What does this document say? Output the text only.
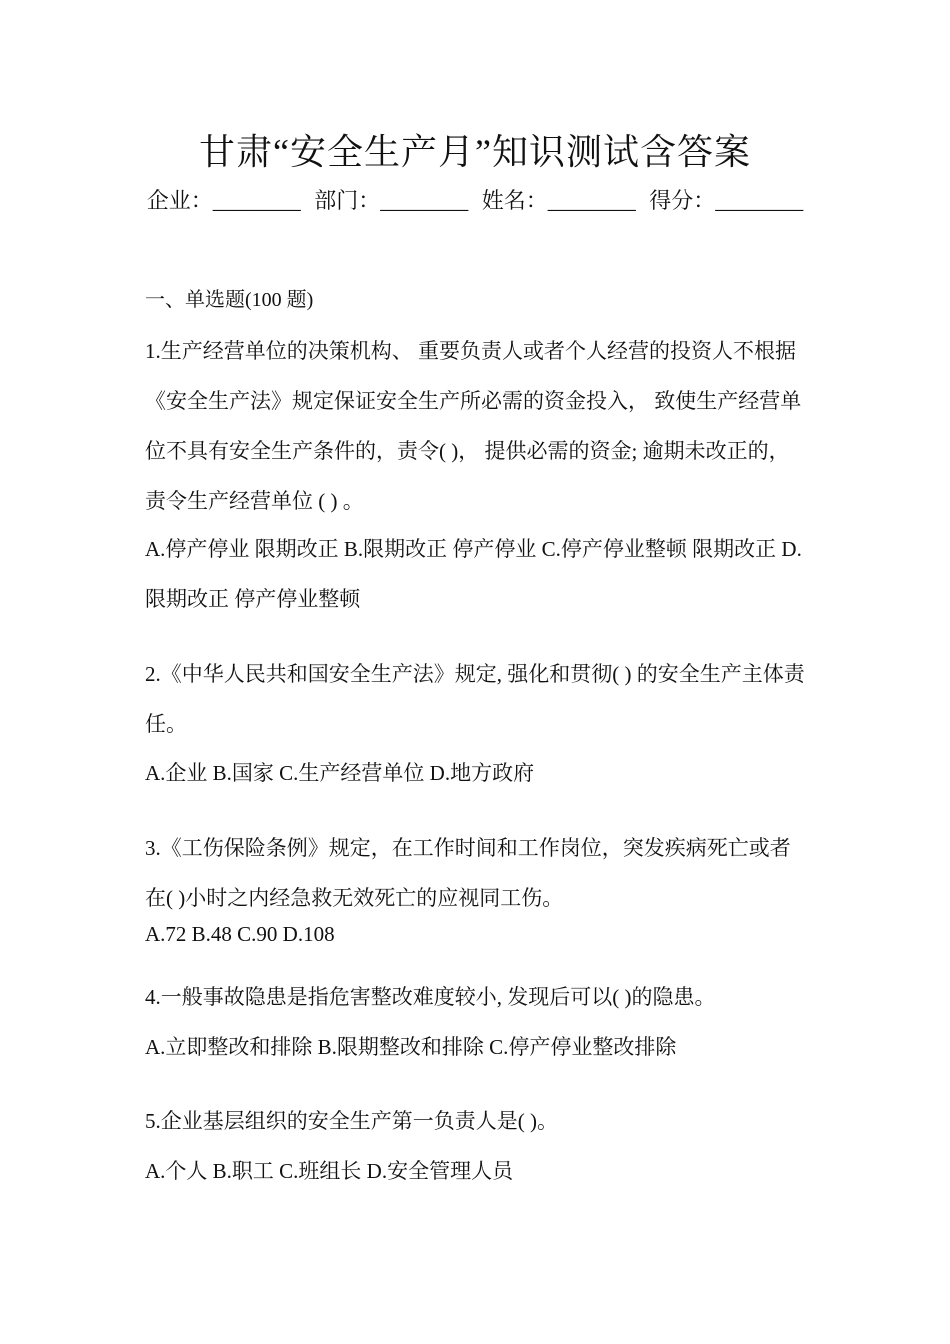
甘肃“安全生产月”知识测试含答案
企业：________ 部门：________ 姓名：________ 得分：________
一、单选题(100 题)

1.生产经营单位的决策机构、 重要负责人或者个人经营的投资人不根据《安全生产法》规定保证安全生产所必需的资金投入， 致使生产经营单位不具有安全生产条件的，责令( )， 提供必需的资金; 逾期未改正的，责令生产经营单位 ( ) 。

A.停产停业 限期改正 B.限期改正 停产停业 C.停产停业整顿 限期改正 D.限期改正 停产停业整顿

2.《中华人民共和国安全生产法》规定, 强化和贯彻( ) 的安全生产主体责任。

A.企业 B.国家 C.生产经营单位 D.地方政府

3.《工伤保险条例》规定，在工作时间和工作岗位，突发疾病死亡或者在( )小时之内经急救无效死亡的应视同工伤。

A.72 B.48 C.90 D.108

4.一般事故隐患是指危害整改难度较小, 发现后可以( )的隐患。

A.立即整改和排除 B.限期整改和排除 C.停产停业整改排除

5.企业基层组织的安全生产第一负责人是( )。

A.个人 B.职工 C.班组长 D.安全管理人员
